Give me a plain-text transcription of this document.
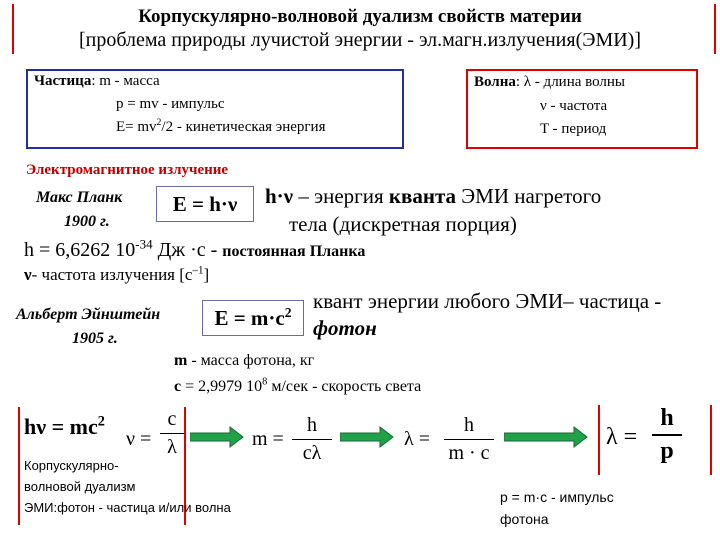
Корпускулярно-волновой дуализм свойств материи
[проблема природы лучистой энергии - эл.магн.излучения(ЭМИ)]
Частица: m - масса
p = mv - импульс
$E= mv^2/2$ - кинетическая энергия
Волна: λ - длина волны
ν - частота
T - период
Электромагнитное излучение
Макс Планк
1900 г.
E = h·ν	h·ν – энергия кванта ЭМИ нагретого
тела (дискретная порция)
h = 6,6262 $10^{-34}$ Дж ·с - постоянная Планка
ν- частота излучения $[с^{-1}]$
Альберт Эйнштейн
1905 г.
$E = m\cdot c^2$	квант энергии любого ЭМИ– частица -
фотон
m - масса фотона, кг
c = 2,9979 $10^8$ м/сек - скорость света
$h\nu = mc^2$
ν =
c
λ	m =
h
cλ
λ =
h
m · c
λ =
h
p
Корпускулярно-
волновой дуализм
ЭМИ:фотон - частица и/или волна
p = m·c - импульс
фотона
